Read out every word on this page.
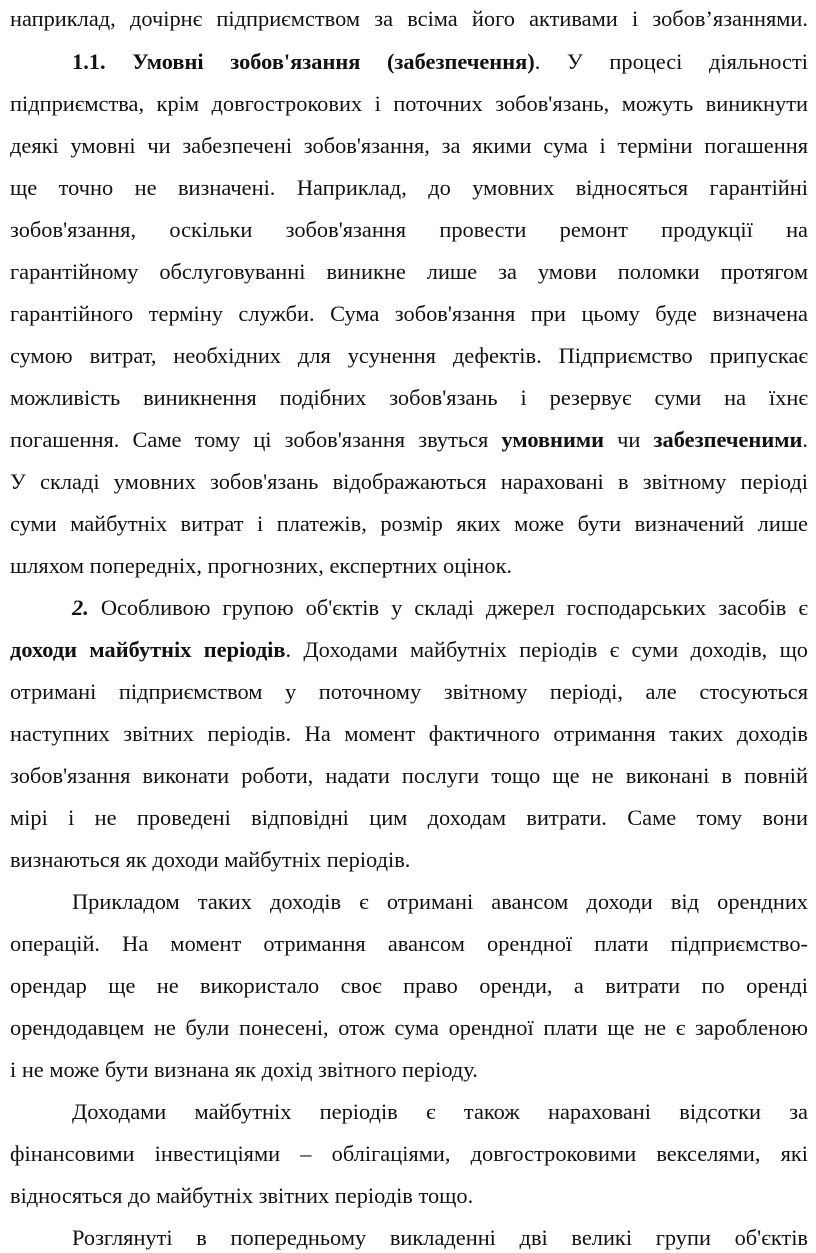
наприклад, дочірнє підприємством за всіма його активами і зобов’язаннями.
1.1. Умовні зобов'язання (забезпечення). У процесі діяльності
підприємства, крім довгострокових і поточних зобов'язань, можуть виникнути
деякі умовні чи забезпечені зобов'язання, за якими сума і терміни погашення
ще точно не визначені. Наприклад, до умовних відносяться гарантійні
зобов'язання, оскільки зобов'язання провести ремонт продукції на
гарантійному обслуговуванні виникне лише за умови поломки протягом
гарантійного терміну служби. Сума зобов'язання при цьому буде визначена
сумою витрат, необхідних для усунення дефектів. Підприємство припускає
можливість виникнення подібних зобов'язань і резервує суми на їхнє
погашення. Саме тому ці зобов'язання звуться умовними чи забезпеченими.
У складі умовних зобов'язань відображаються нараховані в звітному періоді
суми майбутніх витрат і платежів, розмір яких може бути визначений лише
шляхом попередніх, прогнозних, експертних оцінок.
2. Особливою групою об'єктів у складі джерел господарських засобів є
доходи майбутніх періодів. Доходами майбутніх періодів є суми доходів, що
отримані підприємством у поточному звітному періоді, але стосуються
наступних звітних періодів. На момент фактичного отримання таких доходів
зобов'язання виконати роботи, надати послуги тощо ще не виконані в повній
мірі і не проведені відповідні цим доходам витрати. Саме тому вони
визнаються як доходи майбутніх періодів.
Прикладом таких доходів є отримані авансом доходи від орендних
операцій. На момент отримання авансом орендної плати підприємство-
орендар ще не використало своє право оренди, а витрати по оренді
орендодавцем не були понесені, отож сума орендної плати ще не є заробленою
і не може бути визнана як дохід звітного періоду.
Доходами майбутніх періодів є також нараховані відсотки за
фінансовими інвестиціями – облігаціями, довгостроковими векселями, які
відносяться до майбутніх звітних періодів тощо.
Розглянуті в попередньому викладенні дві великі групи об'єктів
